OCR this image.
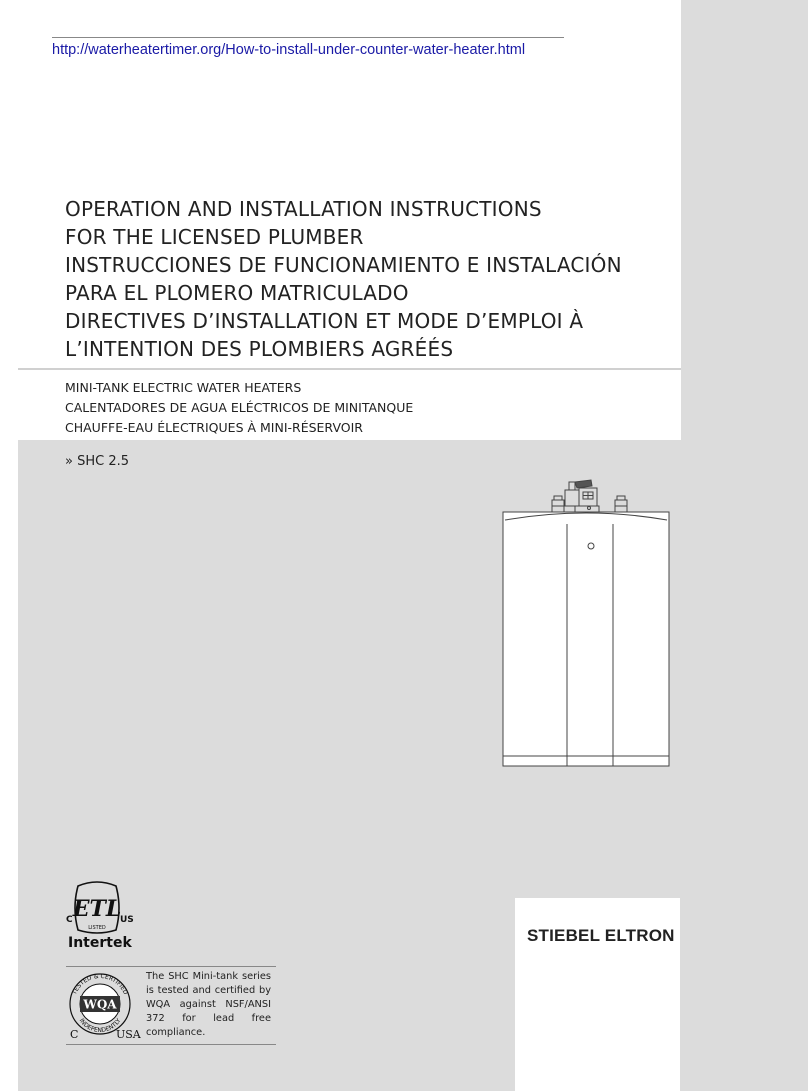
http://waterheatertimer.org/How-to-install-under-counter-water-heater.html
OPERATION AND INSTALLATION INSTRUCTIONS
FOR THE LICENSED PLUMBER
INSTRUCCIONES DE FUNCIONAMIENTO E INSTALACIÓN
PARA EL PLOMERO MATRICULADO
DIRECTIVES D’INSTALLATION ET MODE D’EMPLOI À
L’INTENTION DES PLOMBIERS AGRÉÉS
MINI-TANK ELECTRIC WATER HEATERS
CALENTADORES DE AGUA ELÉCTRICOS DE MINITANQUE
CHAUFFE-EAU ÉLECTRIQUES À MINI-RÉSERVOIR
» SHC 2.5
ETL
C	US
LISTED
Intertek
TESTED & CERTIFIED
INDEPENDENTLY
WQA
C	USA
The SHC Mini-tank series is tested and certified by WQA against NSF/ANSI 372 for lead free compliance.
STIEBEL ELTRON
